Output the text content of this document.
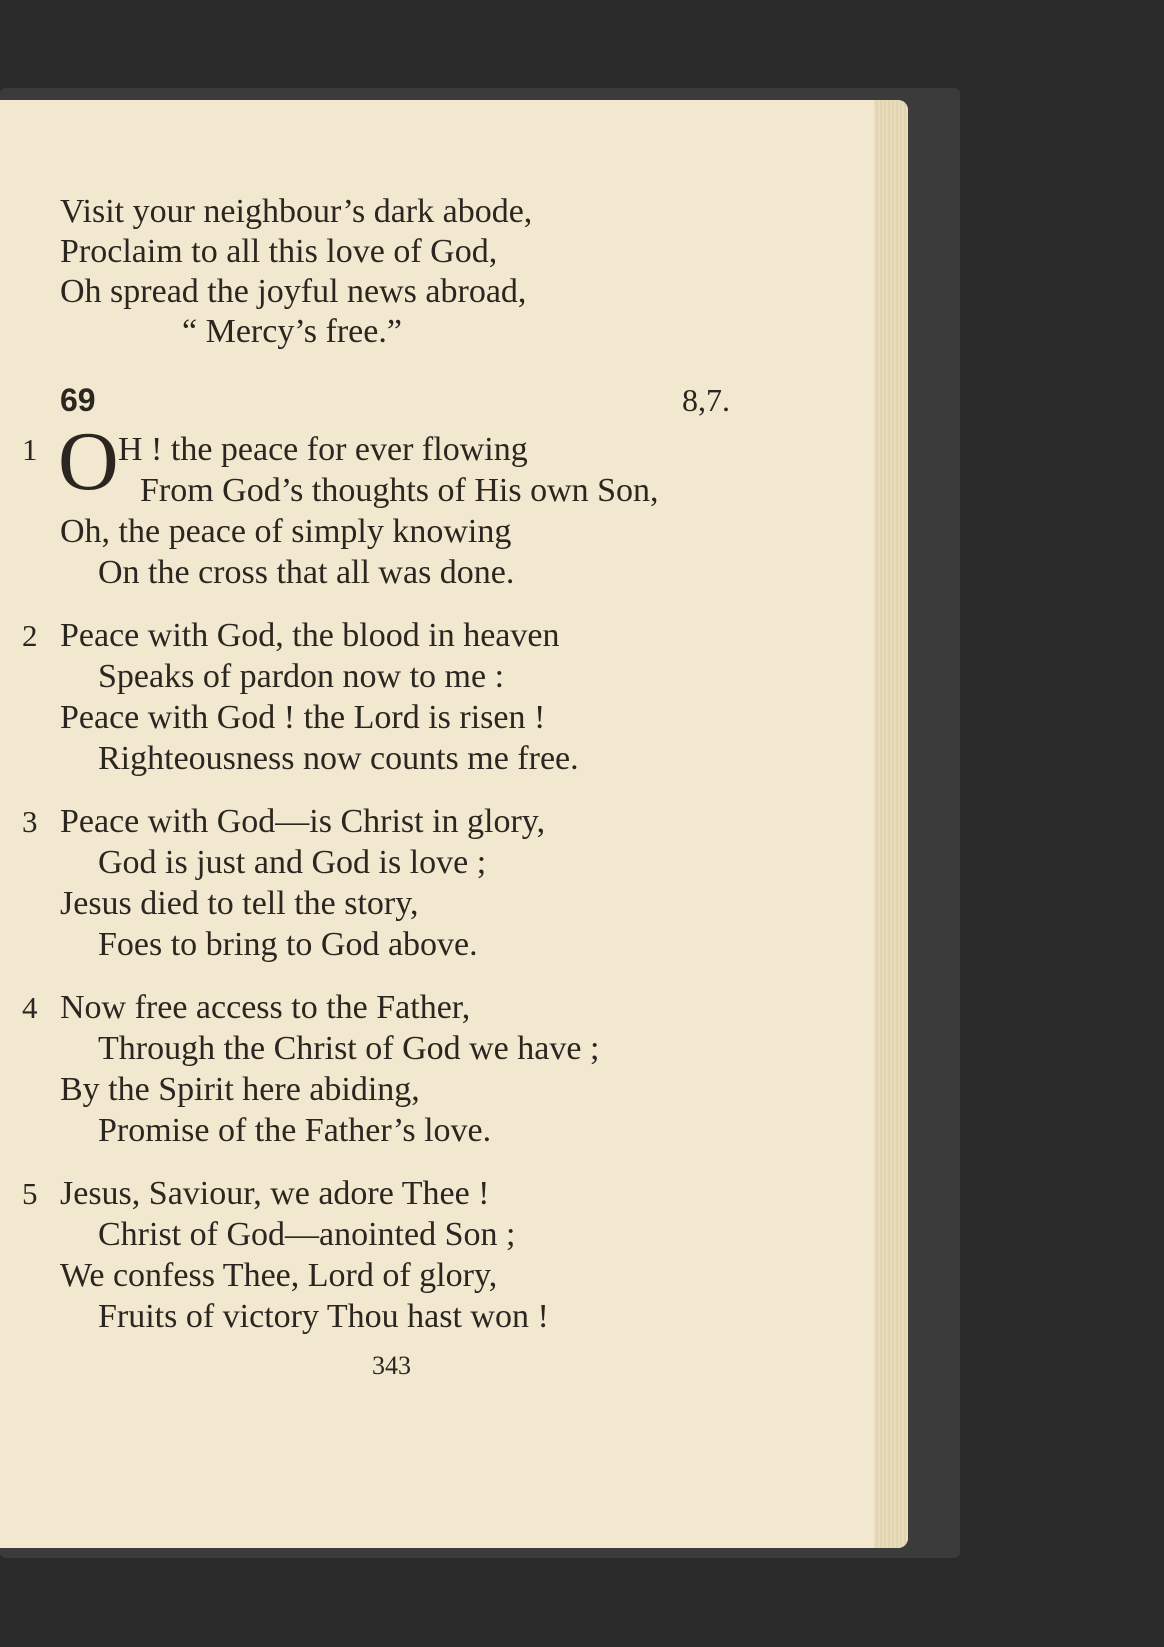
Visit your neighbour’s dark abode,
Proclaim to all this love of God,
Oh spread the joyful news abroad,
“ Mercy’s free.”
69	8,7.
1 O H ! the peace for ever flowing
From God’s thoughts of His own Son,
Oh, the peace of simply knowing
On the cross that all was done.
2 Peace with God, the blood in heaven
Speaks of pardon now to me :
Peace with God ! the Lord is risen !
Righteousness now counts me free.
3 Peace with God—is Christ in glory,
God is just and God is love ;
Jesus died to tell the story,
Foes to bring to God above.
4 Now free access to the Father,
Through the Christ of God we have ;
By the Spirit here abiding,
Promise of the Father’s love.
5 Jesus, Saviour, we adore Thee !
Christ of God—anointed Son ;
We confess Thee, Lord of glory,
Fruits of victory Thou hast won !
343
